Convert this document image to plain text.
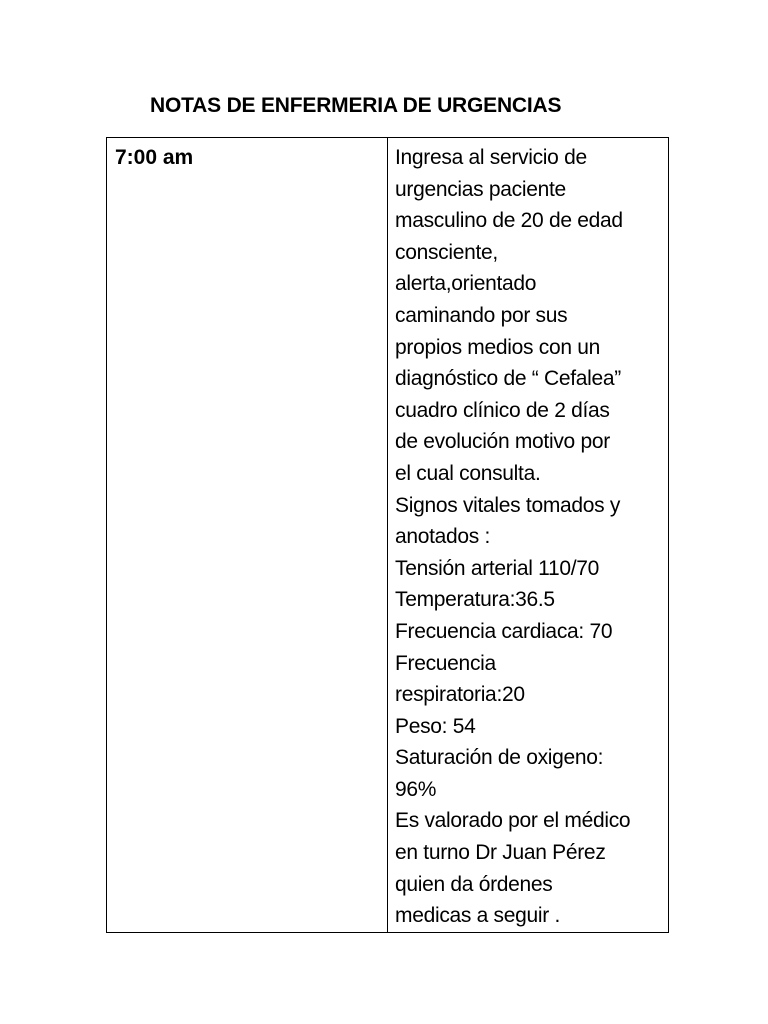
NOTAS DE ENFERMERIA DE URGENCIAS
7:00 am	Ingresa al servicio de
urgencias paciente
masculino de 20 de edad
consciente,
alerta,orientado
caminando por sus
propios medios con un
diagnóstico de “ Cefalea”
cuadro clínico de 2 días
de evolución motivo por
el cual consulta.
Signos vitales tomados y
anotados :
Tensión arterial 110/70
Temperatura:36.5
Frecuencia cardiaca: 70
Frecuencia
respiratoria:20
Peso: 54
Saturación de oxigeno:
96%
Es valorado por el médico
en turno Dr Juan Pérez
quien da órdenes
medicas a seguir .
